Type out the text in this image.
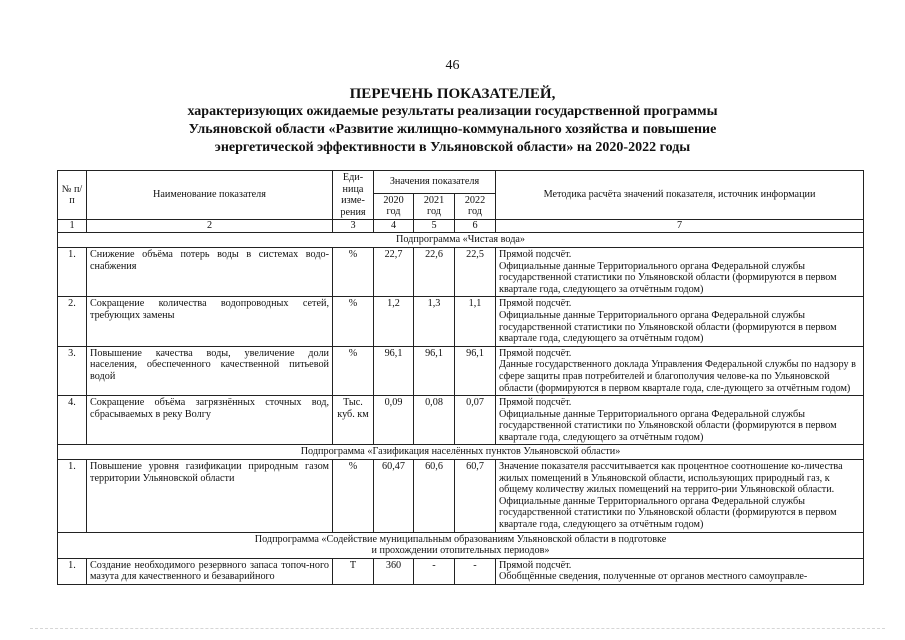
46
ПЕРЕЧЕНЬ ПОКАЗАТЕЛЕЙ,
характеризующих ожидаемые результаты реализации государственной программы
Ульяновской области «Развитие жилищно-коммунального хозяйства и повышение
энергетической эффективности в Ульяновской области» на 2020-2022 годы
№ п/п	Наименование показателя	Еди-ница изме-рения	Значения показателя			Методика расчёта значений показателя, источник информации
			2020 год	2021 год	2022 год	
1	2	3	4	5	6	7
Подпрограмма «Чистая вода»						
1.	Снижение объёма потерь воды в системах водо-снабжения	%	22,7	22,6	22,5	Прямой подсчёт.
Официальные данные Территориального органа Федеральной службы государственной статистики по Ульяновской области (формируются в первом квартале года, следующего за отчётным годом)

2.	Сокращение количества водопроводных сетей, требующих замены	%	1,2	1,3	1,1	Прямой подсчёт.
Официальные данные Территориального органа Федеральной службы государственной статистики по Ульяновской области (формируются в первом квартале года, следующего за отчётным годом)

3.	Повышение качества воды, увеличение доли населения, обеспеченного качественной питьевой водой	%	96,1	96,1	96,1	Прямой подсчёт.
Данные государственного доклада Управления Федеральной службы по надзору в сфере защиты прав потребителей и благополучия челове-ка по Ульяновской области (формируются в первом квартале года, сле-дующего за отчётным годом)

4.	Сокращение объёма загрязнённых сточных вод, сбрасываемых в реку Волгу	Тыс. куб. км	0,09	0,08	0,07	Прямой подсчёт.
Официальные данные Территориального органа Федеральной службы государственной статистики по Ульяновской области (формируются в первом квартале года, следующего за отчётным годом)

Подпрограмма «Газификация населённых пунктов Ульяновской области»						
1.	Повышение уровня газификации природным газом территории Ульяновской области	%	60,47	60,6	60,7	Значение показателя рассчитывается как процентное соотношение ко-личества жилых помещений в Ульяновской области, использующих природный газ, к общему количеству жилых помещений на террито-рии Ульяновской области.
Официальные данные Территориального органа Федеральной службы государственной статистики по Ульяновской области (формируются в первом квартале года, следующего за отчётным годом)

Подпрограмма «Содействие муниципальным образованиям Ульяновской области в подготовке
и прохождении отопительных периодов»						

1.	Создание необходимого резервного запаса топоч-ного мазута для качественного и безаварийного	Т	360	-	-	Прямой подсчёт.
Обобщённые сведения, полученные от органов местного самоуправле-
